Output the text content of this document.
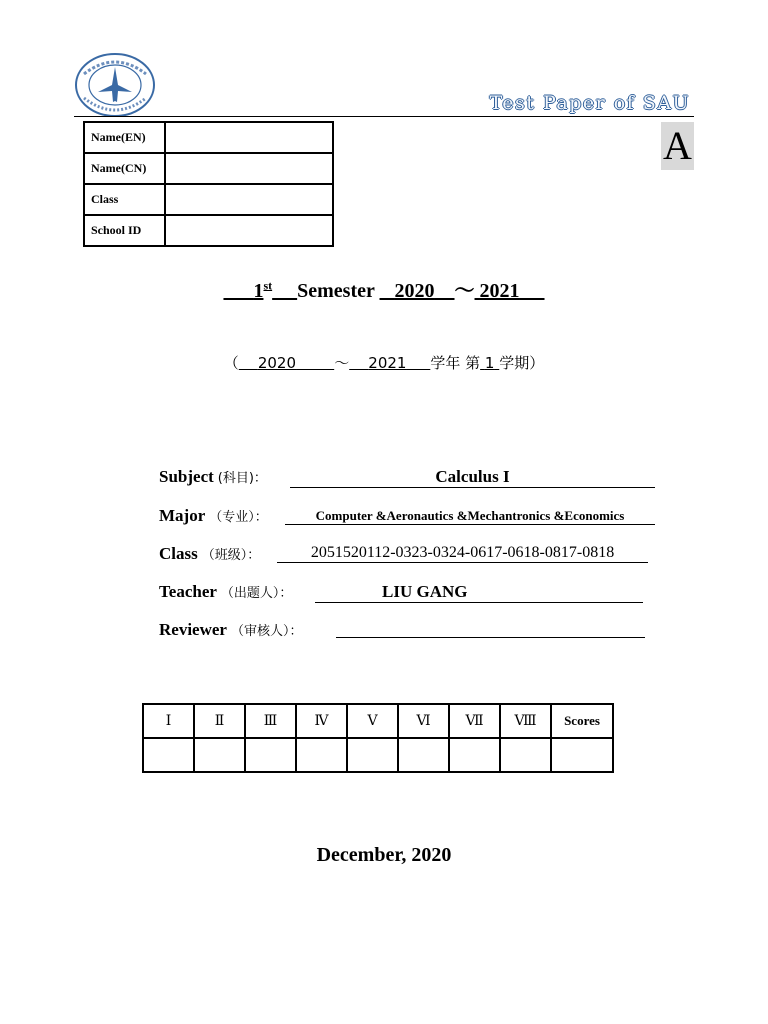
Test Paper of SAU
A
Name(EN)	
Name(CN)	
Class	
School ID	
1st Semester 2020 ～ 2021
（ 2020	～ 2021 学年 第 1 学期）
Subject (科目)：	Calculus I
Major （专业）：	Computer &Aeronautics &Mechantronics &Economics
Class （班级）：	2051520112-0323-0324-0617-0618-0817-0818
Teacher （出题人）：	LIU GANG
Reviewer （审核人）：
Ⅰ	Ⅱ	Ⅲ	Ⅳ	Ⅴ	Ⅵ	Ⅶ	Ⅷ	Scores

December, 2020
